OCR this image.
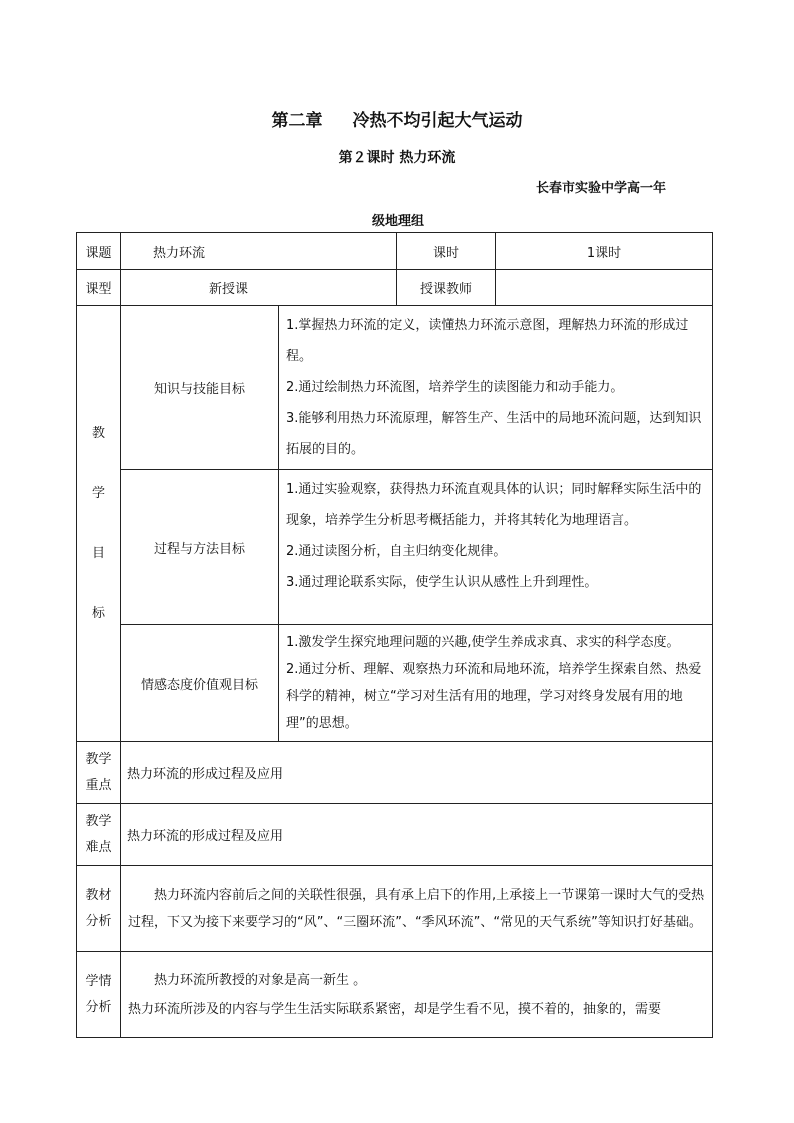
第二章 冷热不均引起大气运动
第２课时 热力环流
长春市实验中学高一年
级地理组
课题	热力环流		课时	1课时
课型	新授课		授课教师	

教
学
目
标	知识与技能目标	1.掌握热力环流的定义，读懂热力环流示意图，理解热力环流的形成过程。
2.通过绘制热力环流图，培养学生的读图能力和动手能力。
3.能够利用热力环流原理，解答生产、生活中的局地环流问题，达到知识拓展的目的。		

	过程与方法目标	1.通过实验观察，获得热力环流直观具体的认识；同时解释实际生活中的现象，培养学生分析思考概括能力，并将其转化为地理语言。
2.通过读图分析，自主归纳变化规律。
3.通过理论联系实际，使学生认识从感性上升到理性。		

	情感态度价值观目标	1.激发学生探究地理问题的兴趣,使学生养成求真、求实的科学态度。
2.通过分析、理解、观察热力环流和局地环流，培养学生探索自然、热爱科学的精神，树立“学习对生活有用的地理，学习对终身发展有用的地理”的思想。		

教学
重点	热力环流的形成过程及应用			

教学
难点	热力环流的形成过程及应用			

教材
分析	热力环流内容前后之间的关联性很强，具有承上启下的作用,上承接上一节课第一课时大气的受热过程，下又为接下来要学习的“风”、“三圈环流”、“季风环流”、“常见的天气系统”等知识打好基础。			

学情
分析	热力环流所教授的对象是高一新生 。
热力环流所涉及的内容与学生生活实际联系紧密，却是学生看不见，摸不着的，抽象的，需要			
